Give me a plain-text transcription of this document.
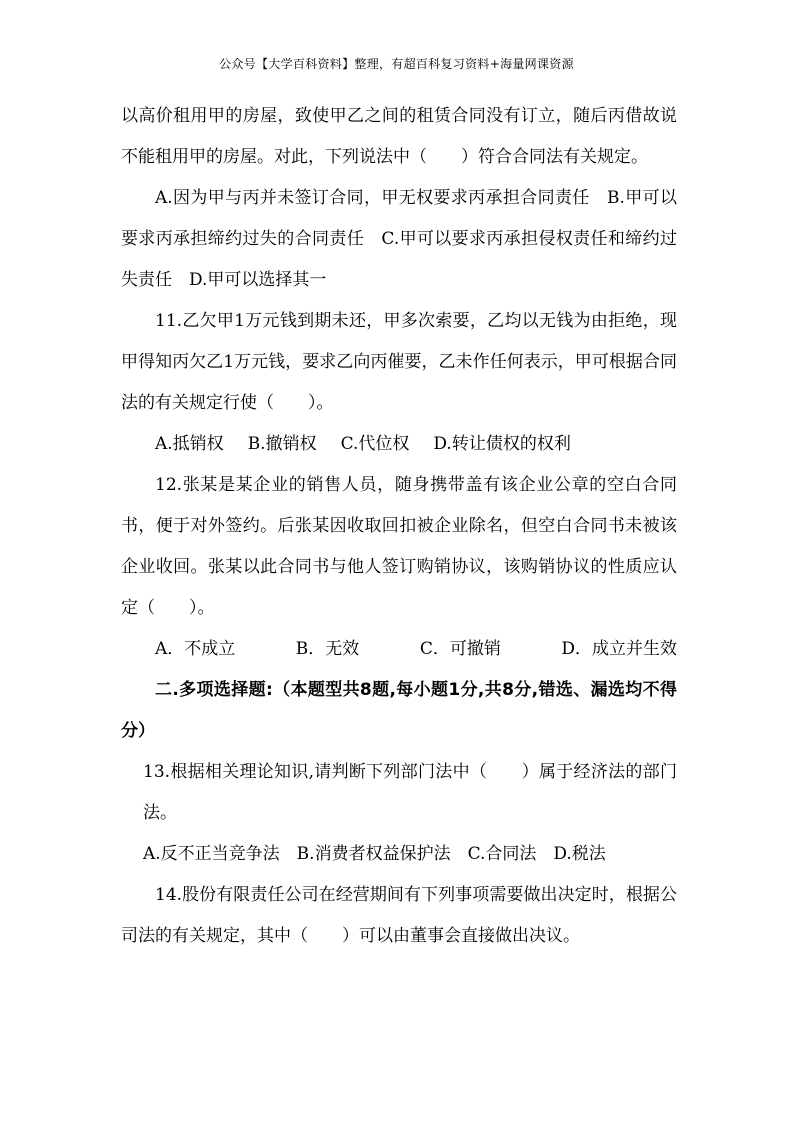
公众号【大学百科资料】整理，有超百科复习资料+海量网课资源

以高价租用甲的房屋，致使甲乙之间的租赁合同没有订立，随后丙借故说不能租用甲的房屋。对此，下列说法中（　　）符合合同法有关规定。

A.因为甲与丙并未签订合同，甲无权要求丙承担合同责任　B.甲可以要求丙承担缔约过失的合同责任　C.甲可以要求丙承担侵权责任和缔约过失责任　D.甲可以选择其一

11.乙欠甲1万元钱到期未还，甲多次索要，乙均以无钱为由拒绝，现甲得知丙欠乙1万元钱，要求乙向丙催要，乙未作任何表示，甲可根据合同法的有关规定行使（　　）。

A.抵销权 B.撤销权 C.代位权 D.转让债权的权利

12.张某是某企业的销售人员，随身携带盖有该企业公章的空白合同书，便于对外签约。后张某因收取回扣被企业除名，但空白合同书未被该企业收回。张某以此合同书与他人签订购销协议，该购销协议的性质应认定（　　）。

A．不成立	B．无效	C．可撤销	D．成立并生效

二.多项选择题:（本题型共8题,每小题1分,共8分,错选、漏选均不得分）

13.根据相关理论知识,请判断下列部门法中（　　）属于经济法的部门法。

A.反不正当竞争法　B.消费者权益保护法　C.合同法　D.税法

14.股份有限责任公司在经营期间有下列事项需要做出决定时，根据公司法的有关规定，其中（　　）可以由董事会直接做出决议。
